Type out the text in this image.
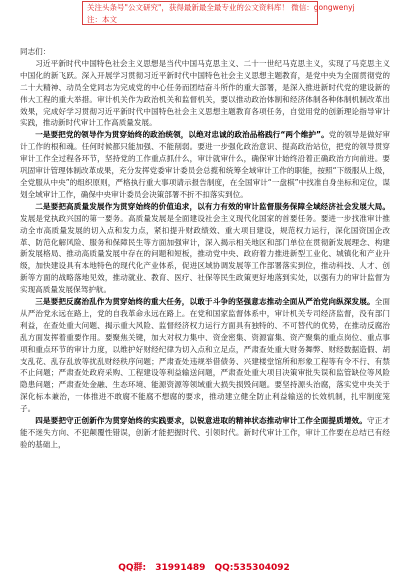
关注头条号"公文研究"，获得最新最全最专业的公文资料库！ 微信：gongwenyj
注：本文

同志们：

习近平新时代中国特色社会主义思想是当代中国马克思主义、二十一世纪马克思主义，实现了马克思主义中国化的新飞跃。深入开展学习贯彻习近平新时代中国特色社会主义思想主题教育，是党中央为全面贯彻党的二十大精神、动员全党同志为完成党的中心任务而团结奋斗所作的重大部署，是深入推进新时代党的建设新的伟大工程的重大举措。审计机关作为政治机关和监督机关，要以推动政治体制和经济体制各种体制机制改革出效果，完成好学习贯彻习近平新时代中国特色社会主义思想主题教育各项任务，自觉用党的创新理论指导审计实践，推动新时代审计工作高质量发展。

一是要把党的领导作为贯穿始终的政治统领，以绝对忠诚的政治品格践行“两个维护”。党的领导是做好审计工作的根和魂。任何时候都只能加强、不能削弱。要进一步强化政治意识、提高政治站位，把党的领导贯穿审计工作全过程各环节，坚持党的工作重点抓什么，审计就审什么，确保审计始终沿着正确政治方向前进。要巩固审计管理体制改革成果，充分发挥党委审计委员会总揽和统筹全域审计工作的职能，按照“下级服从上级，全党服从中央”的组织原则，严格执行重大事项请示报告制度，在全国审计“一盘棋”中找准自身坐标和定位，谋划全域审计工作，确保中央审计委员会决策部署不折不扣落实到位。

二是要把高质量发展作为贯穿始终的价值追求，以有力有效的审计监督服务保障全域经济社会发展大局。发展是党执政兴国的第一要务。高质量发展是全面建设社会主义现代化国家的首要任务。要进一步找准审计推动全市高质量发展的切入点和发力点，紧扣提升财政绩效、重大项目建设，规范权力运行，深化国资国企改革、防范化解风险、服务和保障民生等方面加强审计，深入揭示相关地区和部门单位在贯彻新发展理念、构建新发展格局、推动高质量发展中存在的问题和短板，推动党中央、政府着力推进新型工业化、城镇化和产业升级，加快建设具有本地特色的现代化产业体系，促进区域协调发展等工作部署落实到位，推动科技、人才、创新等方面的战略落地见效，推动就业、教育、医疗、社保等民生政策更好地落到实处，以强有力的审计监督为实现高质量发展保驾护航。

三是要把反腐治乱作为贯穿始终的重大任务，以敢于斗争的坚强意志推动全面从严治党向纵深发展。全面从严治党永远在路上，党的自我革命永远在路上。在党和国家监督体系中，审计机关专司经济监督，没有部门利益，在查处重大问题、揭示重大风险、监督经济权力运行方面具有独特的、不可替代的优势，在推动反腐治乱方面发挥着重要作用。要聚焦关键，加大对权力集中、资金密集、资源富集、资产聚集的重点岗位、重点事项和重点环节的审计力度，以维护好财经纪律为切入点和立足点，严肃查处重大财务舞弊、财经数据造假、胡支乱花、乱存乱放等扰乱财经秩序问题；严肃查处违规举借债务、兴建楼堂馆所和形象工程等有令不行、有禁不止问题；严肃查处政府采购、工程建设等利益输送问题，严肃查处重大项目决策审批失误和监管缺位等风险隐患问题；严肃查处金融、生态环境、能源资源等领域重大损失损毁问题。要坚持源头治腐，落实党中央关于深化标本兼治，一体推进不敢腐不能腐不想腐的要求，推动建立健全防止利益输送的长效机制，扎牢制度笼子。

四是要把守正创新作为贯穿始终的实践要求，以锐意进取的精神状态推动审计工作全面提质增效。守正才能不迷失方向、不犯颠覆性错误，创新才能把握时代、引领时代。新时代审计工作，审计工作要在总结已有经验的基础上，

QQ群: 31991489 QQ:535304092
